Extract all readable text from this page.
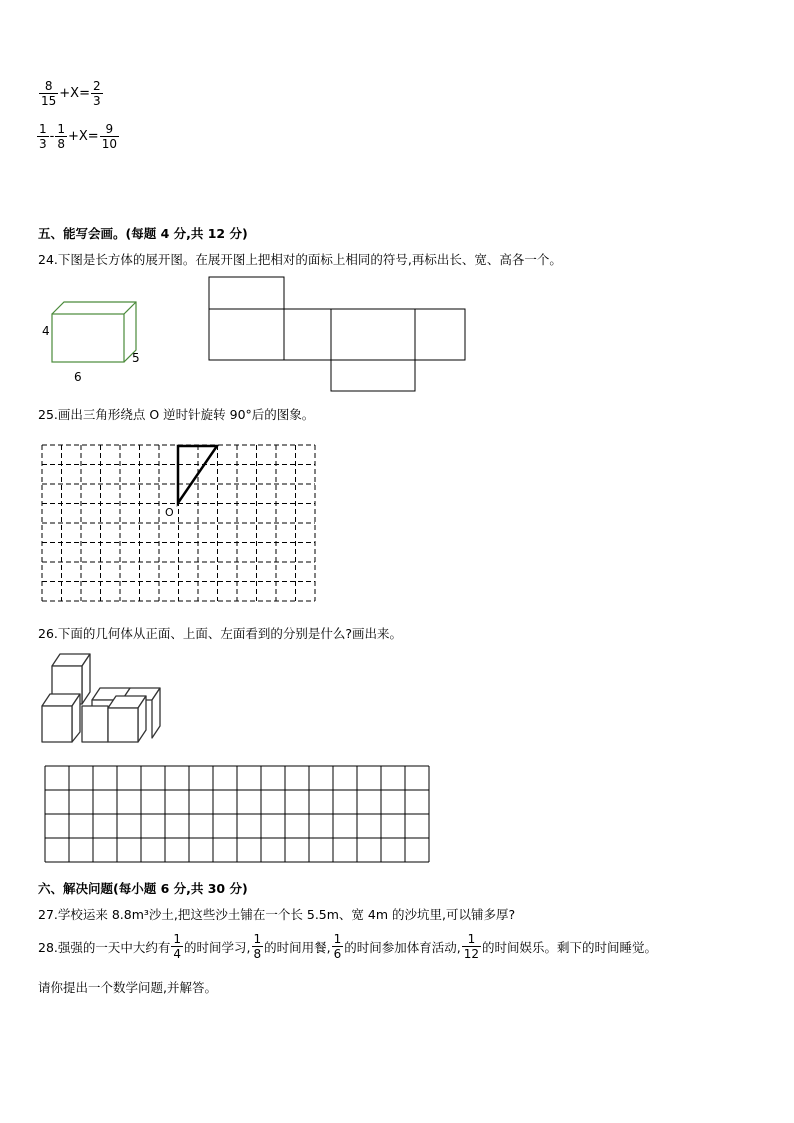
$\frac{8}{15} +X= \frac{2}{3}$
$\frac{1}{3} - \frac{1}{8} +X= \frac{9}{10}$
五、能写会画。(每题 4 分,共 12 分)
24.下图是长方体的展开图。在展开图上把相对的面标上相同的符号,再标出长、宽、高各一个。
4
5
6
25.画出三角形绕点 O 逆时针旋转 90°后的图象。
O
26.下面的几何体从正面、上面、左面看到的分别是什么?画出来。
六、解决问题(每小题 6 分,共 30 分)
27.学校运来 8.8m³沙土,把这些沙土铺在一个长 5.5m、宽 4m 的沙坑里,可以铺多厚?
28.强强的一天中大约有 $\frac{1}{4}$ 的时间学习, $\frac{1}{8}$ 的时间用餐, $\frac{1}{6}$ 的时间参加体育活动, $\frac{1}{12}$ 的时间娱乐。剩下的时间睡觉。
请你提出一个数学问题,并解答。
